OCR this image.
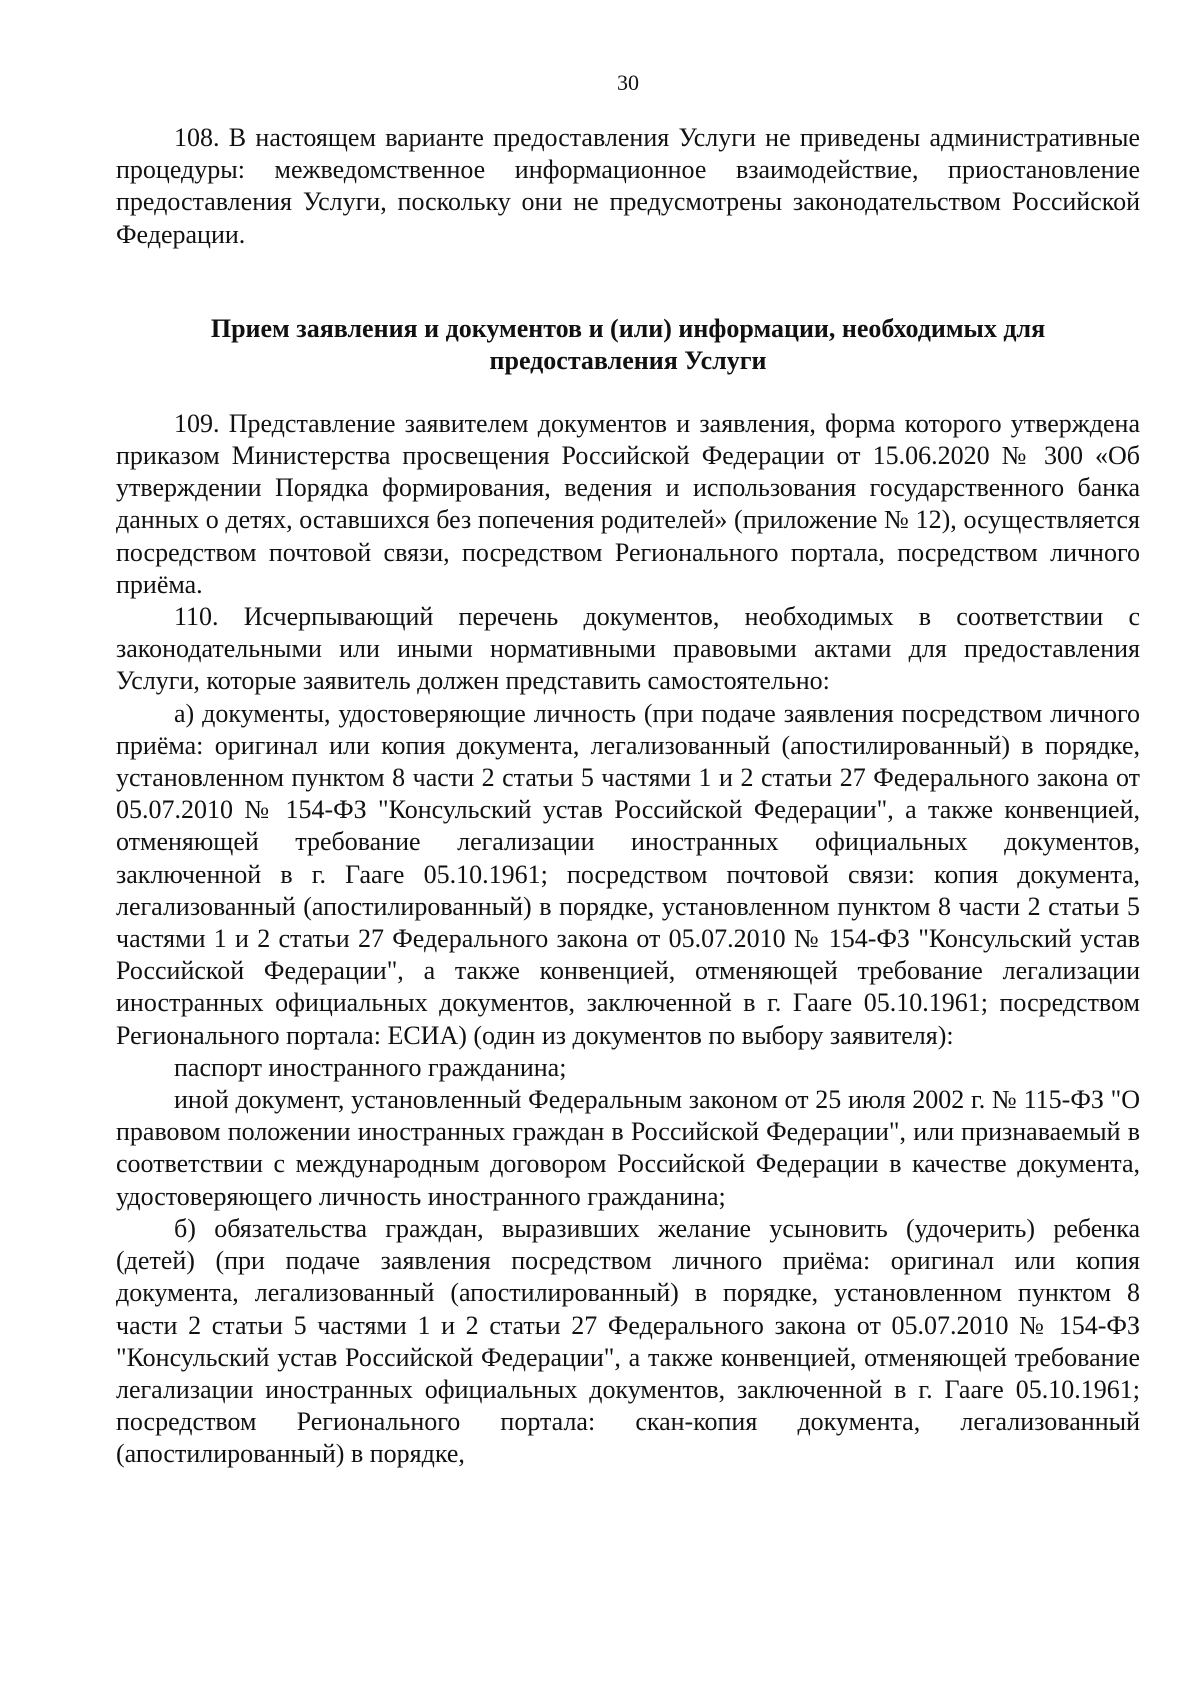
30

108. В настоящем варианте предоставления Услуги не приведены административные процедуры: межведомственное информационное взаимодействие, приостановление предоставления Услуги, поскольку они не предусмотрены законодательством Российской Федерации.

Прием заявления и документов и (или) информации, необходимых для
предоставления Услуги

109. Представление заявителем документов и заявления, форма которого утверждена приказом Министерства просвещения Российской Федерации от 15.06.2020 № 300 «Об утверждении Порядка формирования, ведения и использования государственного банка данных о детях, оставшихся без попечения родителей» (приложение № 12), осуществляется посредством почтовой связи, посредством Регионального портала, посредством личного приёма.

110. Исчерпывающий перечень документов, необходимых в соответствии с законодательными или иными нормативными правовыми актами для предоставления Услуги, которые заявитель должен представить самостоятельно:

а) документы, удостоверяющие личность (при подаче заявления посредством личного приёма: оригинал или копия документа, легализованный (апостилированный) в порядке, установленном пунктом 8 части 2 статьи 5 частями 1 и 2 статьи 27 Федерального закона от 05.07.2010 № 154-ФЗ "Консульский устав Российской Федерации", а также конвенцией, отменяющей требование легализации иностранных официальных документов, заключенной в г. Гааге 05.10.1961; посредством почтовой связи: копия документа, легализованный (апостилированный) в порядке, установленном пунктом 8 части 2 статьи 5 частями 1 и 2 статьи 27 Федерального закона от 05.07.2010 № 154-ФЗ "Консульский устав Российской Федерации", а также конвенцией, отменяющей требование легализации иностранных официальных документов, заключенной в г. Гааге 05.10.1961; посредством Регионального портала: ЕСИА) (один из документов по выбору заявителя):

паспорт иностранного гражданина;

иной документ, установленный Федеральным законом от 25 июля 2002 г. № 115-ФЗ "О правовом положении иностранных граждан в Российской Федерации", или признаваемый в соответствии с международным договором Российской Федерации в качестве документа, удостоверяющего личность иностранного гражданина;

б) обязательства граждан, выразивших желание усыновить (удочерить) ребенка (детей) (при подаче заявления посредством личного приёма: оригинал или копия документа, легализованный (апостилированный) в порядке, установленном пунктом 8 части 2 статьи 5 частями 1 и 2 статьи 27 Федерального закона от 05.07.2010 № 154-ФЗ "Консульский устав Российской Федерации", а также конвенцией, отменяющей требование легализации иностранных официальных документов, заключенной в г. Гааге 05.10.1961; посредством Регионального портала: скан-копия документа, легализованный (апостилированный) в порядке,
